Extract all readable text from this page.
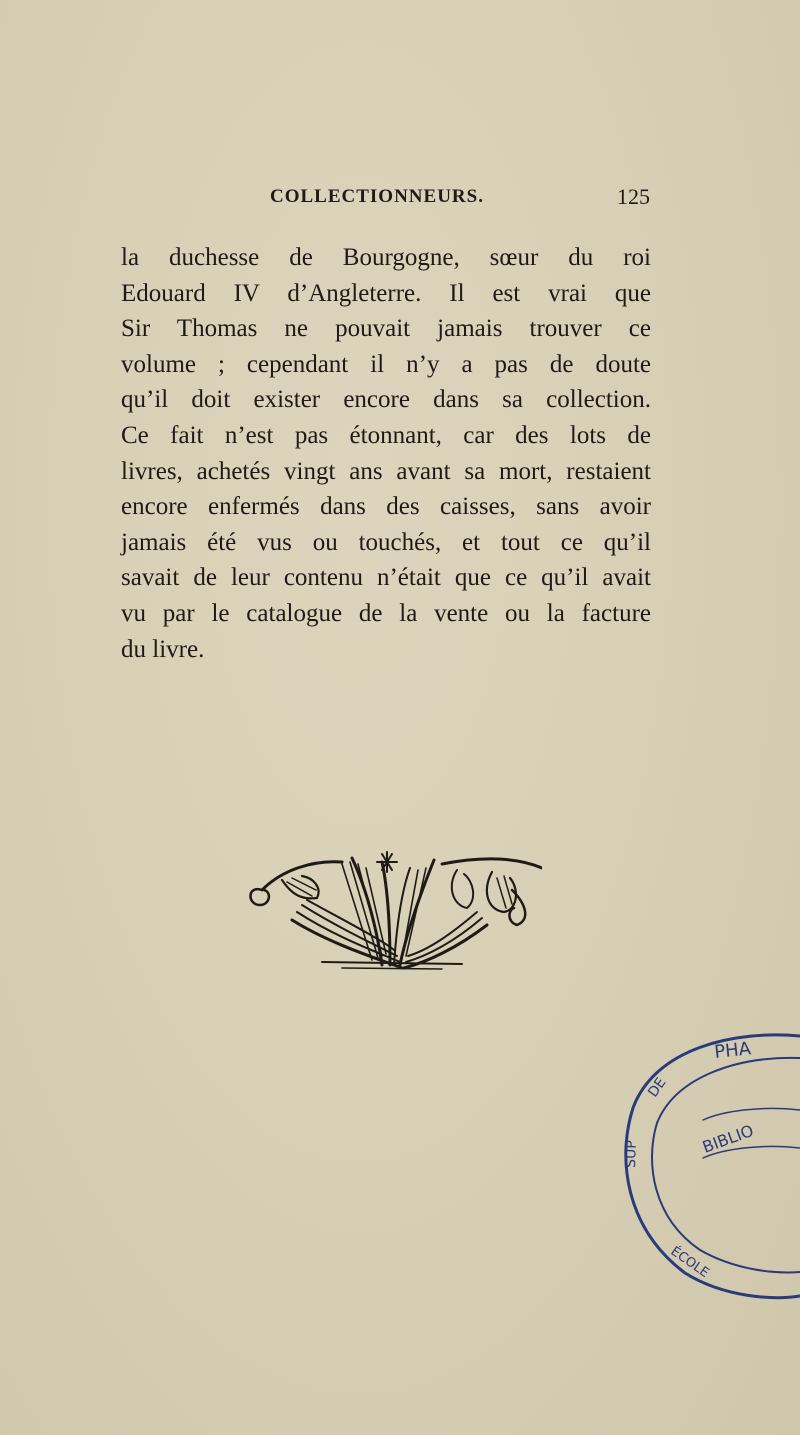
COLLECTIONNEURS.	125
la duchesse de Bourgogne, sœur du roi
Edouard IV d’Angleterre. Il est vrai que
Sir Thomas ne pouvait jamais trouver ce
volume ; cependant il n’y a pas de doute
qu’il doit exister encore dans sa collection.
Ce fait n’est pas étonnant, car des lots de
livres, achetés vingt ans avant sa mort, restaient
encore enfermés dans des caisses, sans avoir
jamais été vus ou touchés, et tout ce qu’il
savait de leur contenu n’était que ce qu’il avait
vu par le catalogue de la vente ou la facture
du livre.
PHA
DE
SUP	BIBLIO
ÉCOLE
